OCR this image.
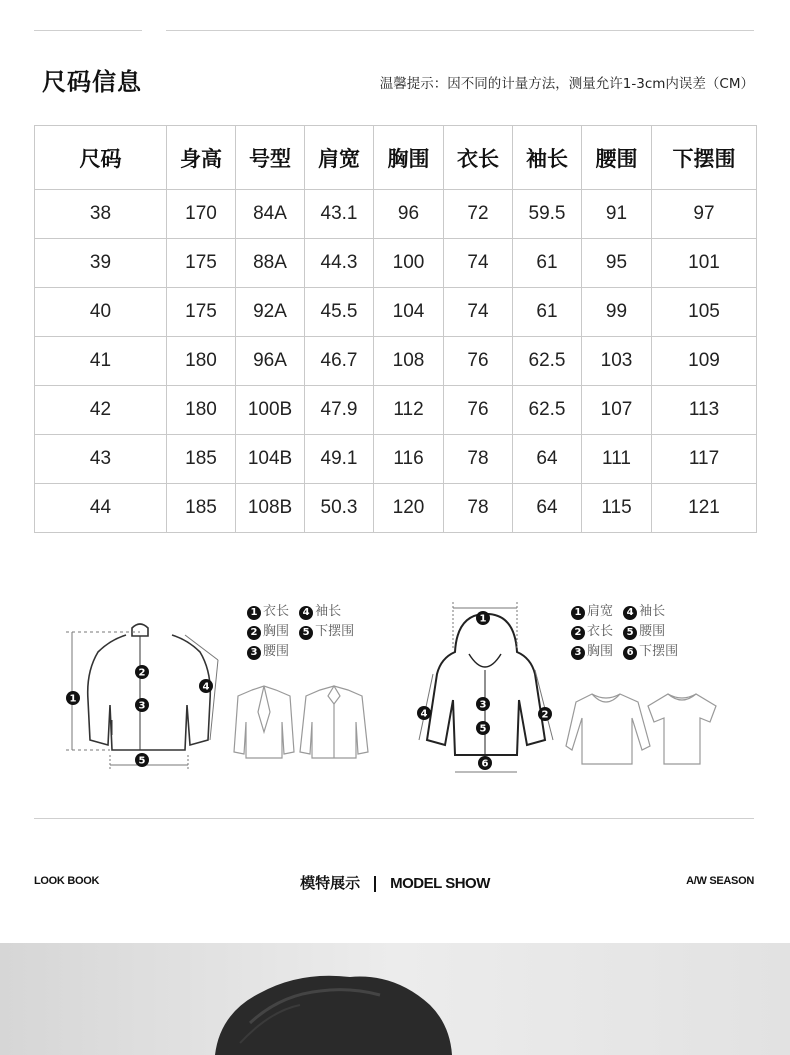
尺码信息	温馨提示：因不同的计量方法，测量允许1-3cm内误差（CM）
尺码	身高	号型	肩宽	胸围	衣长	袖长	腰围	下摆围
38	170	84A	43.1	96	72	59.5	91	97
39	175	88A	44.3	100	74	61	95	101
40	175	92A	45.5	104	74	61	99	105
41	180	96A	46.7	108	76	62.5	103	109
42	180	100B	47.9	112	76	62.5	107	113
43	185	104B	49.1	116	78	64	111	117
44	185	108B	50.3	120	78	64	115	121
1
2
3
4
5
1 衣长 4 袖长
2 胸围 5 下摆围
3 腰围
1
2
3
4
5
6
1 肩宽 4 袖长
2 衣长 5 腰围
3 胸围 6 下摆围
LOOK BOOK	模特展示 MODEL SHOW	A/W SEASON
